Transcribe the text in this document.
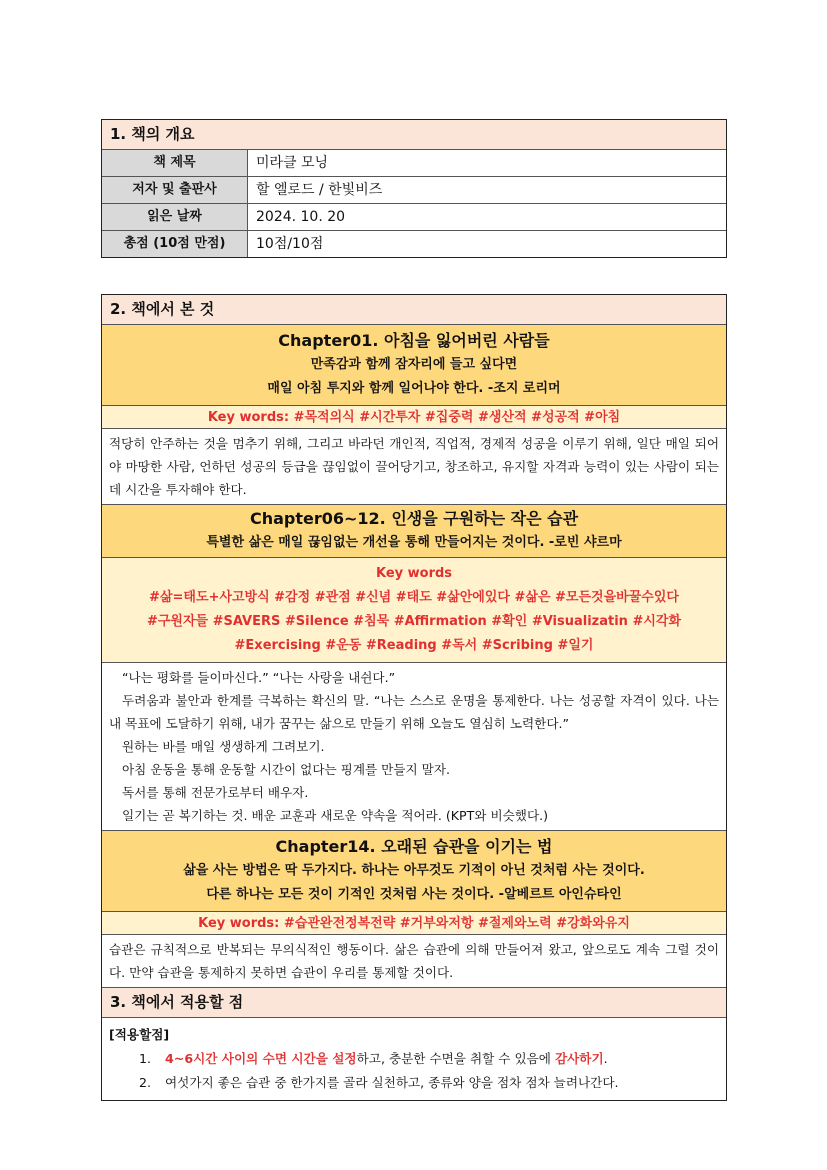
1. 책의 개요
책 제목	미라클 모닝
저자 및 출판사	할 엘로드 / 한빛비즈
읽은 날짜	2024. 10. 20
총점 (10점 만점)	10점/10점
2. 책에서 본 것
Chapter01. 아침을 잃어버린 사람들
만족감과 함께 잠자리에 들고 싶다면
매일 아침 투지와 함께 일어나야 한다. -조지 로리머
Key words: #목적의식 #시간투자 #집중력 #생산적 #성공적 #아침
적당히 안주하는 것을 멈추기 위해, 그리고 바라던 개인적, 직업적, 경제적 성공을 이루기 위해, 일단 매일 되어야 마땅한 사람, 언하던 성공의 등급을 끊임없이 끌어당기고, 창조하고, 유지할 자격과 능력이 있는 사람이 되는 데 시간을 투자해야 한다.
Chapter06~12. 인생을 구원하는 작은 습관
특별한 삶은 매일 끊임없는 개선을 통해 만들어지는 것이다. -로빈 샤르마
Key words
#삶=태도+사고방식 #감정 #관점 #신념 #태도 #삶안에있다 #삶은 #모든것을바꿀수있다
#구원자들 #SAVERS #Silence #침묵 #Affirmation #확인 #Visualizatin #시각화
#Exercising #운동 #Reading #독서 #Scribing #일기

“나는 평화를 들이마신다.” “나는 사랑을 내쉰다.”

두려움과 불안과 한계를 극복하는 확신의 말. “나는 스스로 운명을 통제한다. 나는 성공할 자격이 있다. 나는 내 목표에 도달하기 위해, 내가 꿈꾸는 삶으로 만들기 위해 오늘도 열심히 노력한다.”

원하는 바를 매일 생생하게 그려보기.

아침 운동을 통해 운동할 시간이 없다는 핑계를 만들지 말자.

독서를 통해 전문가로부터 배우자.

일기는 곧 복기하는 것. 배운 교훈과 새로운 약속을 적어라. (KPT와 비슷했다.)

Chapter14. 오래된 습관을 이기는 법
삶을 사는 방법은 딱 두가지다. 하나는 아무것도 기적이 아닌 것처럼 사는 것이다.
다른 하나는 모든 것이 기적인 것처럼 사는 것이다. -알베르트 아인슈타인
Key words: #습관완전정복전략 #거부와저항 #절제와노력 #강화와유지
습관은 규칙적으로 반복되는 무의식적인 행동이다. 삶은 습관에 의해 만들어져 왔고, 앞으로도 계속 그럴 것이다. 만약 습관을 통제하지 못하면 습관이 우리를 통제할 것이다.
3. 책에서 적용할 점
[적용할점]
1. 4~6시간 사이의 수면 시간을 설정하고, 충분한 수면을 취할 수 있음에 감사하기.
2. 여섯가지 좋은 습관 중 한가지를 골라 실천하고, 종류와 양을 점차 점차 늘려나간다.
